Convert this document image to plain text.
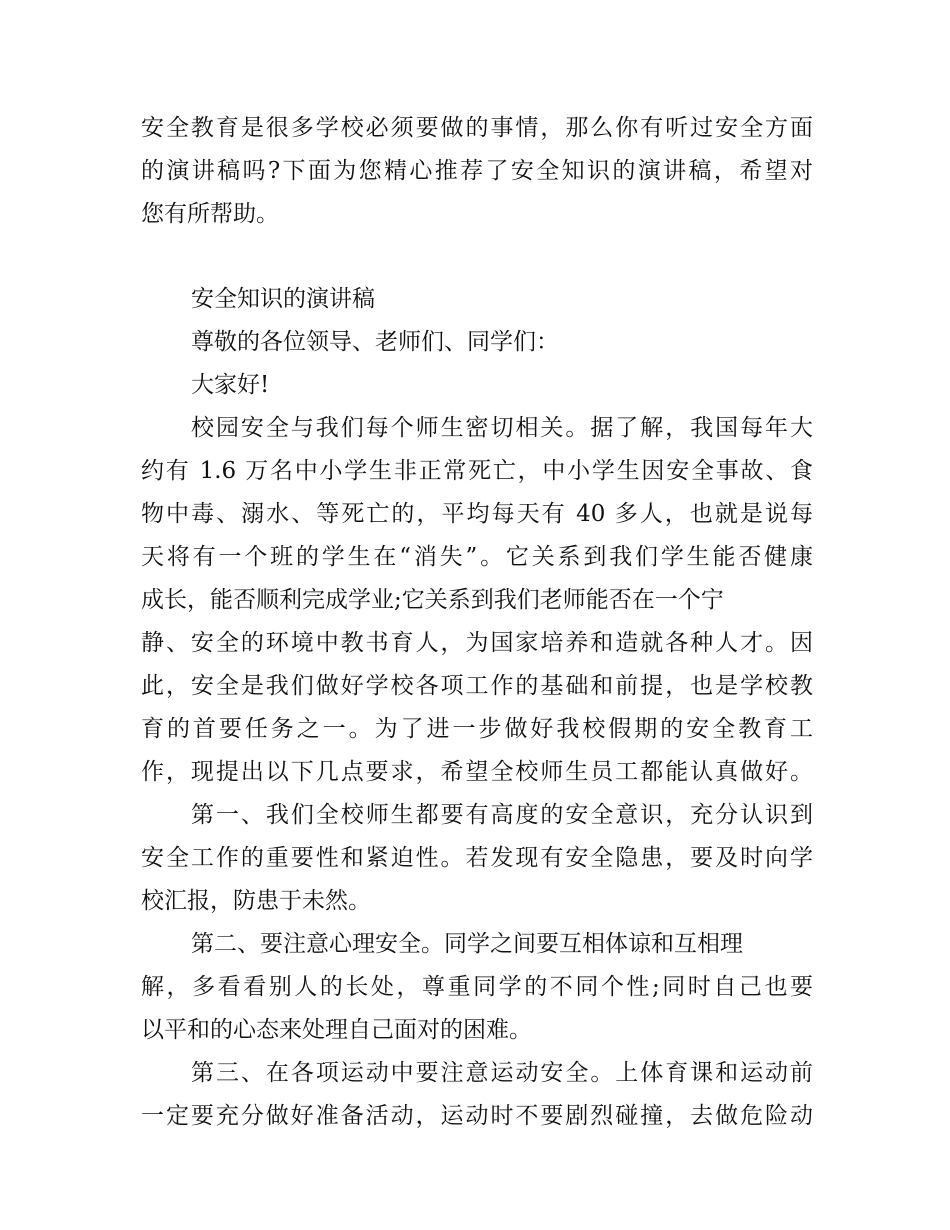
安全教育是很多学校必须要做的事情，那么你有听过安全方面
的演讲稿吗?下面为您精心推荐了安全知识的演讲稿，希望对
您有所帮助。
安全知识的演讲稿
尊敬的各位领导、老师们、同学们：
大家好!
校园安全与我们每个师生密切相关。据了解，我国每年大
约有 1.6 万名中小学生非正常死亡，中小学生因安全事故、食
物中毒、溺水、等死亡的，平均每天有 40 多人，也就是说每
天将有一个班的学生在“消失”。它关系到我们学生能否健康
成长，能否顺利完成学业;它关系到我们老师能否在一个宁
静、安全的环境中教书育人，为国家培养和造就各种人才。因
此，安全是我们做好学校各项工作的基础和前提，也是学校教
育的首要任务之一。为了进一步做好我校假期的安全教育工
作，现提出以下几点要求，希望全校师生员工都能认真做好。
第一、我们全校师生都要有高度的安全意识，充分认识到
安全工作的重要性和紧迫性。若发现有安全隐患，要及时向学
校汇报，防患于未然。
第二、要注意心理安全。同学之间要互相体谅和互相理
解，多看看别人的长处，尊重同学的不同个性;同时自己也要
以平和的心态来处理自己面对的困难。
第三、在各项运动中要注意运动安全。上体育课和运动前
一定要充分做好准备活动，运动时不要剧烈碰撞，去做危险动
